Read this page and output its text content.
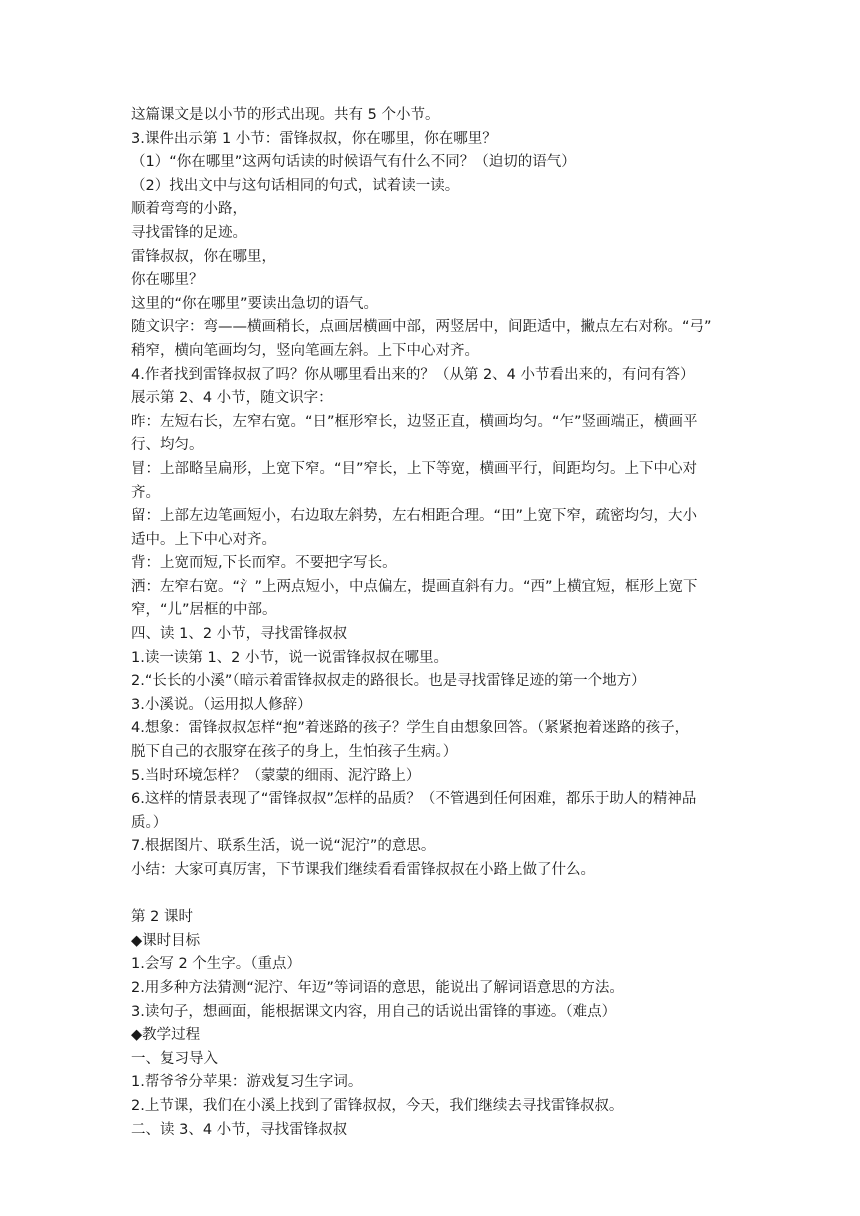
这篇课文是以小节的形式出现。共有 5 个小节。
3.课件出示第 1 小节：雷锋叔叔，你在哪里，你在哪里？
（1）“你在哪里”这两句话读的时候语气有什么不同？（迫切的语气）
（2）找出文中与这句话相同的句式，试着读一读。
顺着弯弯的小路，
寻找雷锋的足迹。
雷锋叔叔，你在哪里，
你在哪里？
这里的“你在哪里”要读出急切的语气。
随文识字：弯——横画稍长，点画居横画中部，两竖居中，间距适中，撇点左右对称。“弓”
稍窄，横向笔画均匀，竖向笔画左斜。上下中心对齐。
4.作者找到雷锋叔叔了吗？你从哪里看出来的？（从第 2、4 小节看出来的，有问有答）
展示第 2、4 小节，随文识字：
昨：左短右长，左窄右宽。“日”框形窄长，边竖正直，横画均匀。“乍”竖画端正，横画平
行、均匀。
冒：上部略呈扁形，上宽下窄。“目”窄长，上下等宽，横画平行，间距均匀。上下中心对
齐。
留：上部左边笔画短小，右边取左斜势，左右相距合理。“田”上宽下窄，疏密均匀，大小
适中。上下中心对齐。
背：上宽而短,下长而窄。不要把字写长。
洒：左窄右宽。“氵”上两点短小，中点偏左，提画直斜有力。“西”上横宜短，框形上宽下
窄，“儿”居框的中部。
四、读 1、2 小节，寻找雷锋叔叔
1.读一读第 1、2 小节，说一说雷锋叔叔在哪里。
2.“长长的小溪”（暗示着雷锋叔叔走的路很长。也是寻找雷锋足迹的第一个地方）
3.小溪说。（运用拟人修辞）
4.想象：雷锋叔叔怎样“抱”着迷路的孩子？学生自由想象回答。（紧紧抱着迷路的孩子，
脱下自己的衣服穿在孩子的身上，生怕孩子生病。）
5.当时环境怎样？（蒙蒙的细雨、泥泞路上）
6.这样的情景表现了“雷锋叔叔”怎样的品质？（不管遇到任何困难，都乐于助人的精神品
质。）
7.根据图片、联系生活，说一说“泥泞”的意思。
小结：大家可真厉害，下节课我们继续看看雷锋叔叔在小路上做了什么。
第 2 课时
◆课时目标
1.会写 2 个生字。（重点）
2.用多种方法猜测“泥泞、年迈”等词语的意思，能说出了解词语意思的方法。
3.读句子，想画面，能根据课文内容，用自己的话说出雷锋的事迹。（难点）
◆教学过程
一、复习导入
1.帮爷爷分苹果：游戏复习生字词。
2.上节课，我们在小溪上找到了雷锋叔叔，今天，我们继续去寻找雷锋叔叔。
二、读 3、4 小节，寻找雷锋叔叔
